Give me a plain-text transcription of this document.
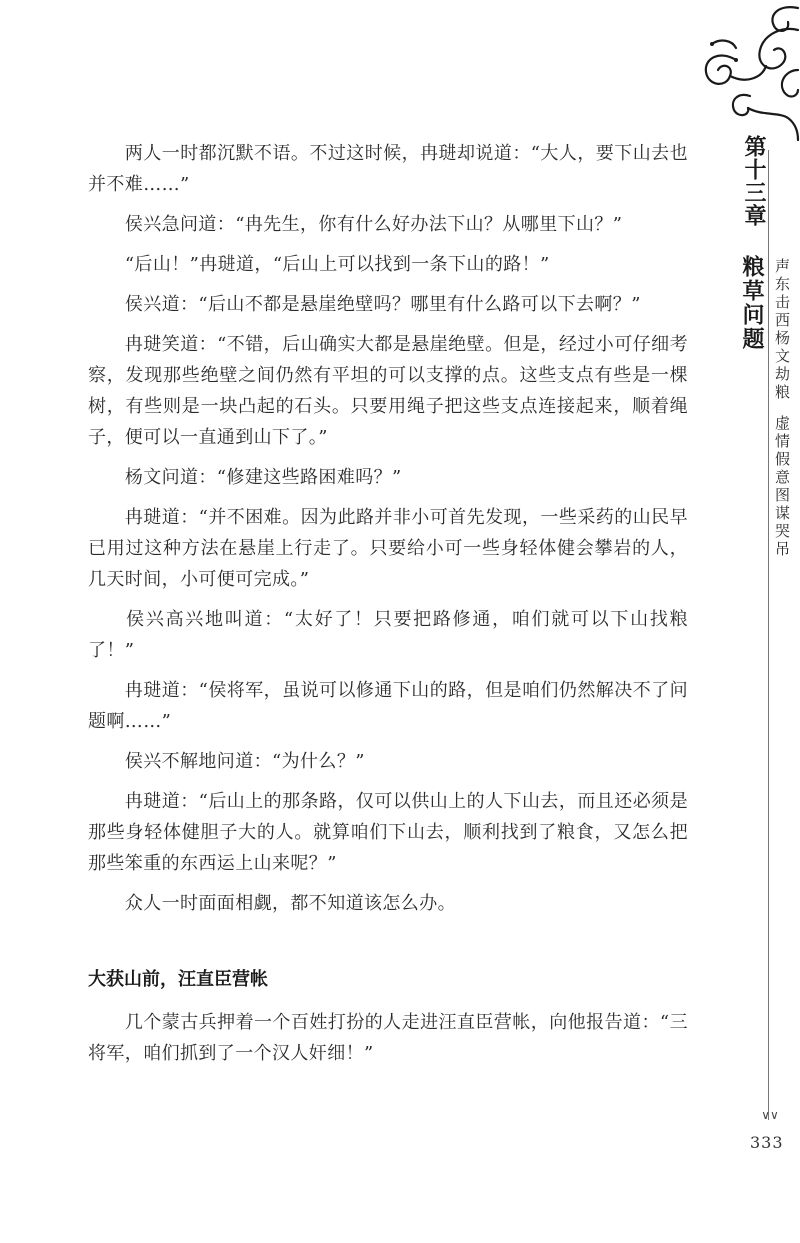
第十三章
粮草问题 声东击西杨文劫粮
虚情假意图谋哭吊

  两人一时都沉默不语。不过这时候，冉琎却说道：“大人，要下山去也并不难……”

  侯兴急问道：“冉先生，你有什么好办法下山？从哪里下山？”

  “后山！”冉琎道，“后山上可以找到一条下山的路！”

  侯兴道：“后山不都是悬崖绝壁吗？哪里有什么路可以下去啊？”

  冉琎笑道：“不错，后山确实大都是悬崖绝壁。但是，经过小可仔细考察，发现那些绝壁之间仍然有平坦的可以支撑的点。这些支点有些是一棵树，有些则是一块凸起的石头。只要用绳子把这些支点连接起来，顺着绳子，便可以一直通到山下了。”

  杨文问道：“修建这些路困难吗？”

  冉琎道：“并不困难。因为此路并非小可首先发现，一些采药的山民早已用过这种方法在悬崖上行走了。只要给小可一些身轻体健会攀岩的人，几天时间，小可便可完成。”

  侯兴高兴地叫道：“太好了！只要把路修通，咱们就可以下山找粮了！”

  冉琎道：“侯将军，虽说可以修通下山的路，但是咱们仍然解决不了问题啊……”

  侯兴不解地问道：“为什么？”

  冉琎道：“后山上的那条路，仅可以供山上的人下山去，而且还必须是那些身轻体健胆子大的人。就算咱们下山去，顺利找到了粮食，又怎么把那些笨重的东西运上山来呢？”

  众人一时面面相觑，都不知道该怎么办。

大获山前，汪直臣营帐

  几个蒙古兵押着一个百姓打扮的人走进汪直臣营帐，向他报告道：“三将军，咱们抓到了一个汉人奸细！”

∨∨
333
